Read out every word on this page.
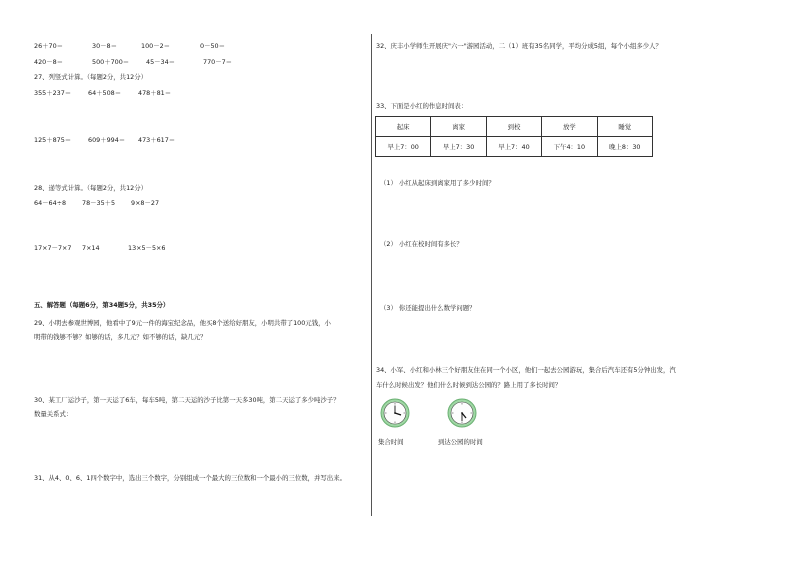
26＋70＝	30－8＝	100－2＝	0－50＝
420－8＝	500＋700＝	45－34＝	770－7＝
27、列竖式计算。（每题2分，共12分）
355＋237＝	64＋508＝	478＋81＝
125＋875＝	609＋994＝ 473＋617＝
28、递等式计算。（每题2分，共12分）
64－64÷8 78－35＋5 9×8－27
17×7－7×7 7×14	13×5－5×6
五、解答题（每题6分，第34题5分，共35分）
29、小明去参观世博园，他看中了9元一件的海宝纪念品，他买8个送给好朋友，小明共带了100元钱，小
明带的钱够不够？如够的话，多几元？如不够的话，缺几元？
30、某工厂运沙子，第一天运了6车，每车5吨，第二天运的沙子比第一天多30吨，第二天运了多少吨沙子？
数量关系式：
31、从4、0、6、1四个数字中，选出三个数字，分别组成一个最大的三位数和一个最小的三位数，并写出来。
32、庆丰小学师生开展庆"六一"游园活动，二（1）班有35名同学，平均分成5组，每个小组多少人？
33、下面是小红的作息时间表：
起床	离家	到校	放学	睡觉
早上7：00	早上7：30	早上7：40	下午4：10	晚上8：30
（1） 小红从起床到离家用了多少时间？
（2） 小红在校时间有多长？
（3） 你还能提出什么数学问题？
34、小军、小红和小林三个好朋友住在同一个小区，他们一起去公园游玩，集合后汽车还有5分钟出发，汽
车什么时候出发？他们什么时候到达公园的？路上用了多长时间？
集合时间	到达公园的时间
